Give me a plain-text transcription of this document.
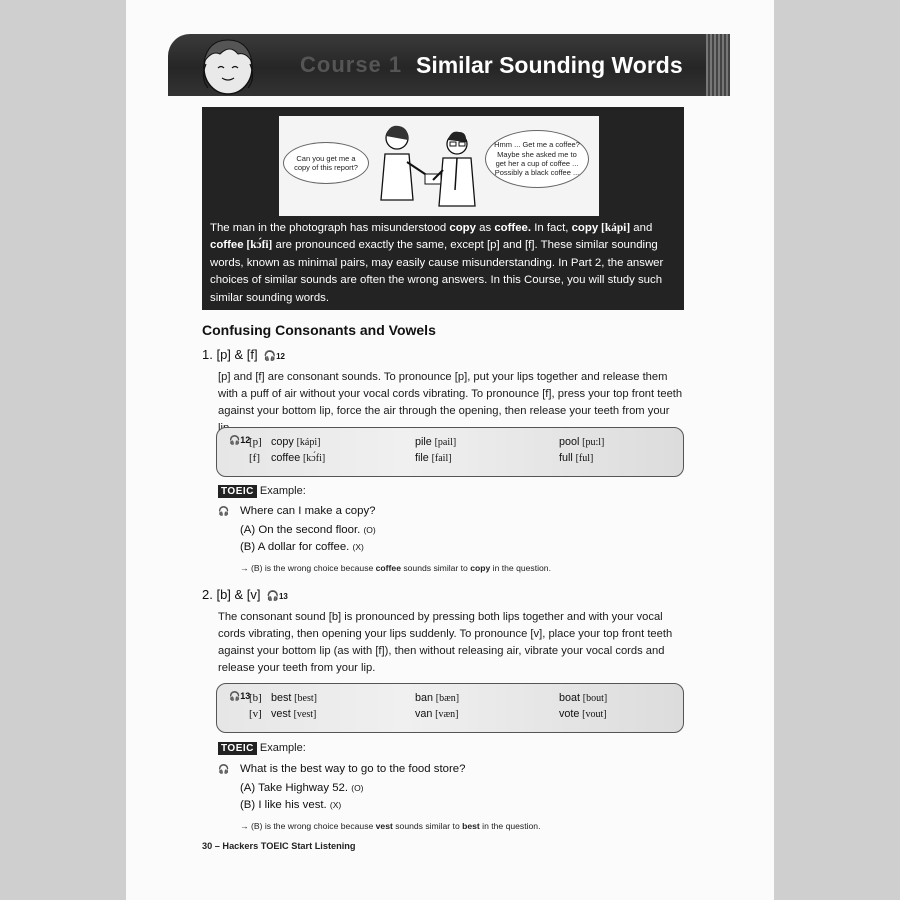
Course 1 Similar Sounding Words
Can you get me a copy of this report?
Hmm ... Get me a coffee? Maybe she asked me to get her a cup of coffee ... Possibly a black coffee ...

The man in the photograph has misunderstood copy as coffee. In fact, copy [kápi] and coffee [kɔ́fi] are pronounced exactly the same, except [p] and [f]. These similar sounding words, known as minimal pairs, may easily cause misunderstanding. In Part 2, the answer choices of similar sounds are often the wrong answers. In this Course, you will study such similar sounding words.

Confusing Consonants and Vowels
1. [p] & [f] 🎧12

[p] and [f] are consonant sounds. To pronounce [p], put your lips together and release them with a puff of air without your vocal cords vibrating. To pronounce [f], press your top front teeth against your bottom lip, force the air through the opening, then release your teeth from your

🎧12
[p] copy [kápi]
[f] coffee [kɔ́fi]
pile [pail]
file [fail]
pool [pu:l]
full [ful]
TOEIC Example:
🎧 Where can I make a copy?
(A) On the second floor. (O)
(B) A dollar for coffee. (X)
→ (B) is the wrong choice because coffee sounds similar to copy in the question.
2. [b] & [v] 🎧13

The consonant sound [b] is pronounced by pressing both lips together and with your vocal cords vibrating, then opening your lips suddenly. To pronounce [v], place your top front teeth against your bottom lip (as with [f]), then without releasing air, vibrate your vocal cords and release your teeth from your lip.

🎧13
[b] best [best]
[v] vest [vest]
ban [bæn]
van [væn]
boat [bout]
vote [vout]
TOEIC Example:
🎧 What is the best way to go to the food store?
(A) Take Highway 52. (O)
(B) I like his vest. (X)
→ (B) is the wrong choice because vest sounds similar to best in the question.
30 – Hackers TOEIC Start Listening
